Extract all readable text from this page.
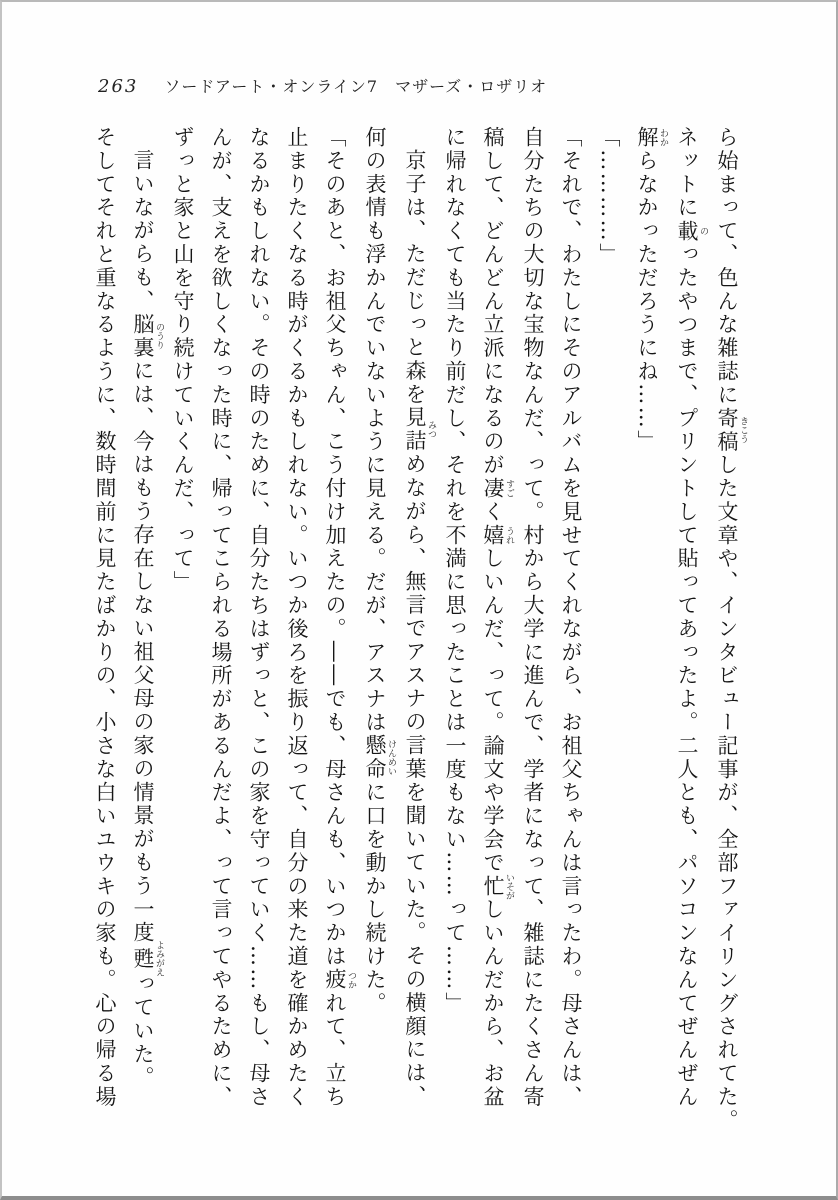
263 ソードアート・オンライン7　マザーズ・ロザリオ
ら始まって、色んな雑誌に寄稿 きこうした文章や、インタビュー記事が、全部ファイリングされてた。
ネットに載 のったやつまで、プリントして貼ってあったよ。二人とも、パソコンなんてぜんぜん
解 わからなかっただろうにね……」
「…………」
「それで、わたしにそのアルバムを見せてくれながら、お祖父ちゃんは言ったわ。母さんは、
自分たちの大切な宝物なんだ、って。村から大学に進んで、学者になって、雑誌にたくさん寄
稿して、どんどん立派になるのが凄 すごく嬉 うれしいんだ、って。論文や学会で忙 いそがしいんだから、お盆
に帰れなくても当たり前だし、それを不満に思ったことは一度もない……って……」
京子は、ただじっと森を見詰 みつめながら、無言でアスナの言葉を聞いていた。その横顔には、
何の表情も浮かんでいないように見える。だが、アスナは懸命 けんめいに口を動かし続けた。
「そのあと、お祖父ちゃん、こう付け加えたの。――でも、母さんも、いつかは疲 つかれて、立ち
止まりたくなる時がくるかもしれない。いつか後ろを振り返って、自分の来た道を確かめたく
なるかもしれない。その時のために、自分たちはずっと、この家を守っていく……もし、母さ
んが、支えを欲しくなった時に、帰ってこられる場所があるんだよ、って言ってやるために、
ずっと家と山を守り続けていくんだ、って」
言いながらも、脳裏 のうりには、今はもう存在しない祖父母の家の情景がもう一度甦 よみがえっていた。
そしてそれと重なるように、数時間前に見たばかりの、小さな白いユウキの家も。心の帰る場
